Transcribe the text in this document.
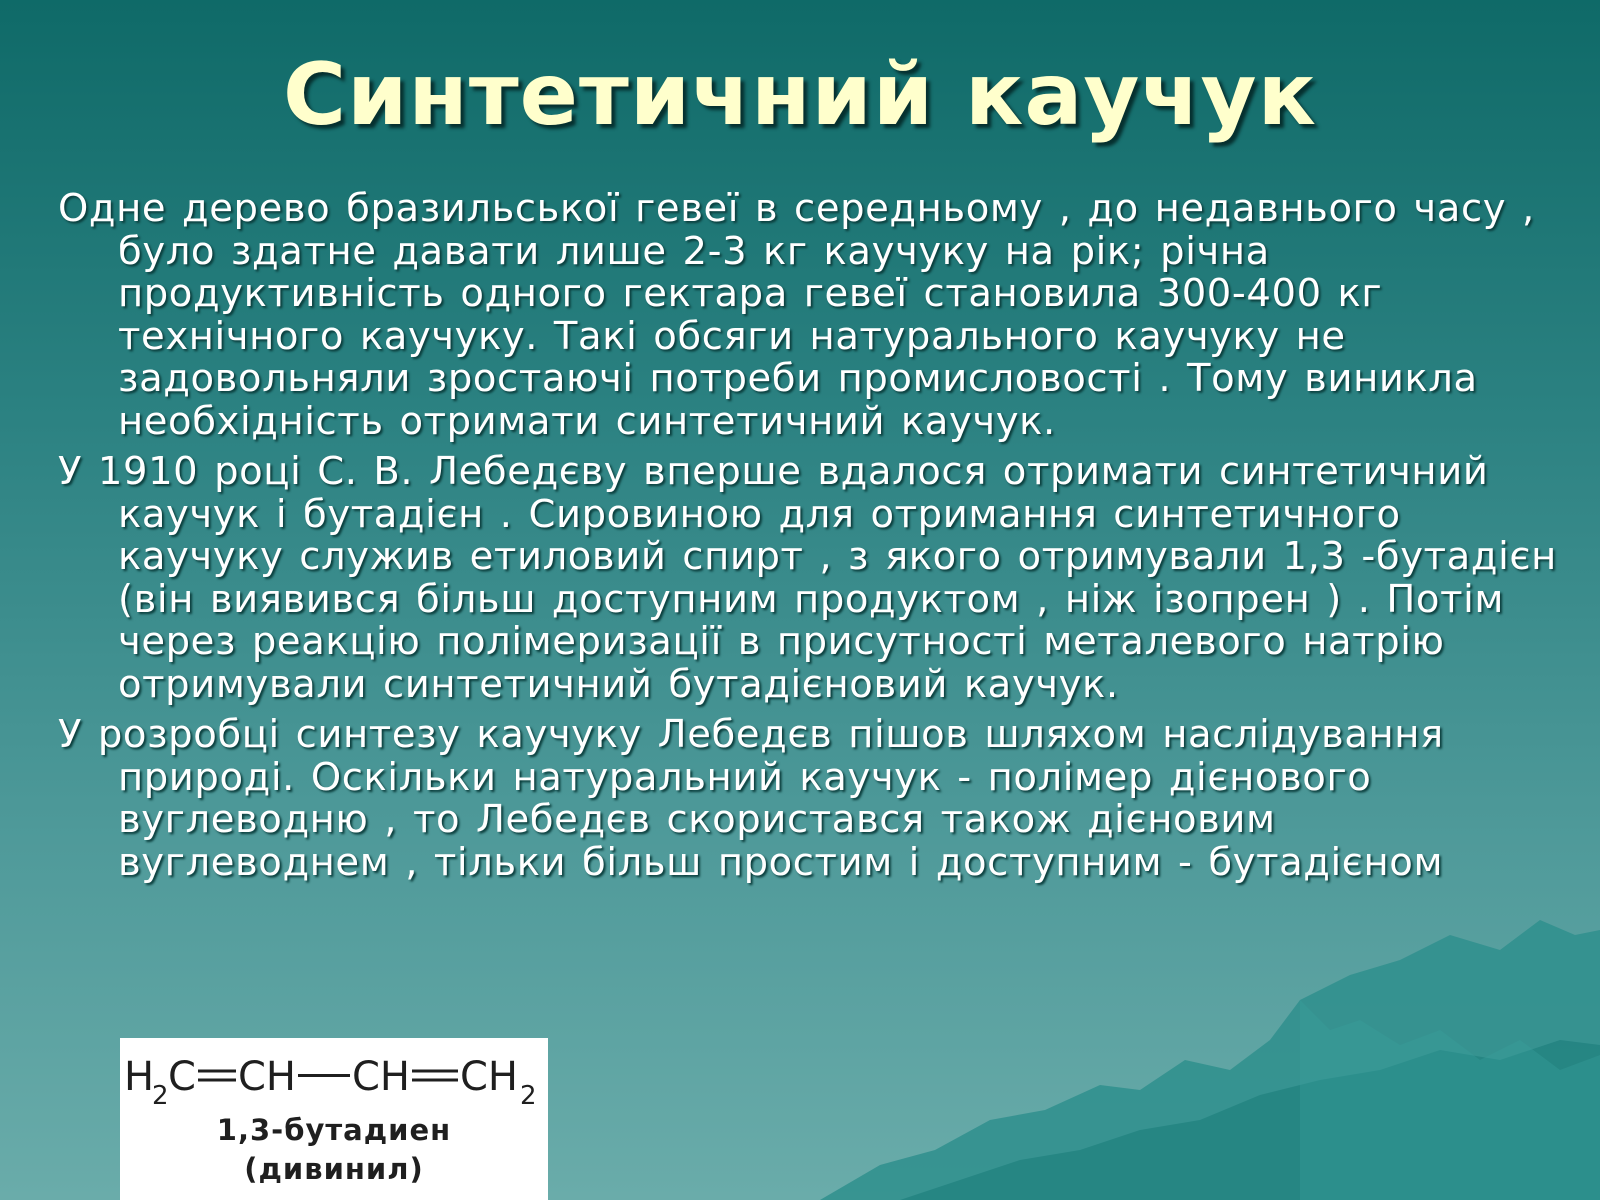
Синтетичний каучук

Одне дерево бразильської гевеї в середньому , до недавнього часу , було здатне давати лише 2-3 кг каучуку на рік; річна продуктивність одного гектара гевеї становила 300-400 кг технічного каучуку. Такі обсяги натурального каучуку не задовольняли зростаючі потреби промисловості . Тому виникла необхідність отримати синтетичний каучук.

У 1910 році С. В. Лебедєву вперше вдалося отримати синтетичний каучук і бутадієн . Сировиною для отримання синтетичного каучуку служив етиловий спирт , з якого отримували 1,3 -бутадієн (він виявився більш доступним продуктом , ніж ізопрен ) . Потім через реакцію полімеризації в присутності металевого натрію отримували синтетичний бутадієновий каучук.

У розробці синтезу каучуку Лебедєв пішов шляхом наслідування природі. Оскільки натуральний каучук - полімер дієнового вуглеводню , то Лебедєв скористався також дієновим вуглеводнем , тільки більш простим і доступним - бутадієном

H
2 C CH CH CH 2
1,3-бутадиен
(дивинил)
